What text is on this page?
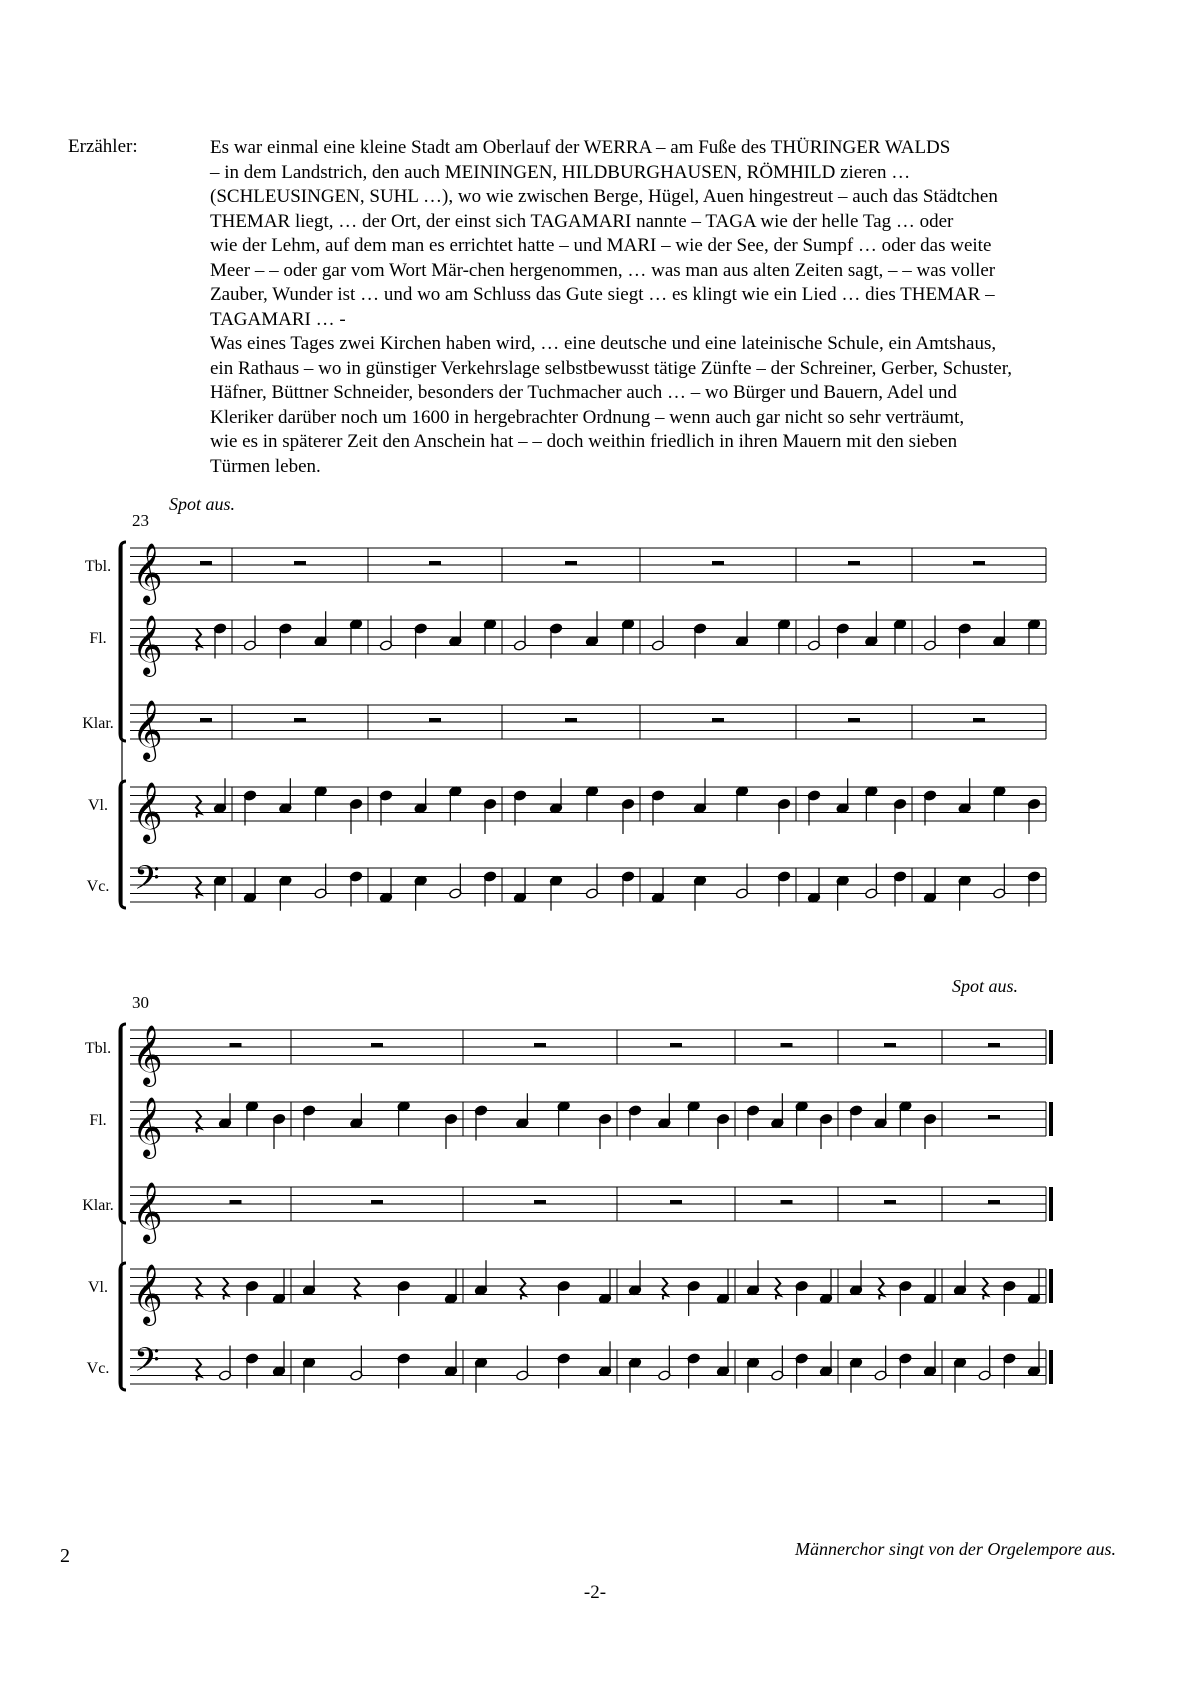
Erzähler:	Es war einmal eine kleine Stadt am Oberlauf der WERRA – am Fuße des THÜRINGER WALDS
– in dem Landstrich, den auch MEININGEN, HILDBURGHAUSEN, RÖMHILD zieren …
(SCHLEUSINGEN, SUHL …), wo wie zwischen Berge, Hügel, Auen hingestreut – auch das Städtchen
THEMAR liegt, … der Ort, der einst sich TAGAMARI nannte – TAGA wie der helle Tag … oder
wie der Lehm, auf dem man es errichtet hatte – und MARI – wie der See, der Sumpf … oder das weite
Meer – – oder gar vom Wort Mär-chen hergenommen, … was man aus alten Zeiten sagt, – – was voller
Zauber, Wunder ist … und wo am Schluss das Gute siegt … es klingt wie ein Lied … dies THEMAR –
TAGAMARI … -
Was eines Tages zwei Kirchen haben wird, … eine deutsche und eine lateinische Schule, ein Amtshaus,
ein Rathaus – wo in günstiger Verkehrslage selbstbewusst tätige Zünfte – der Schreiner, Gerber, Schuster,
Häfner, Büttner Schneider, besonders der Tuchmacher auch … – wo Bürger und Bauern, Adel und
Kleriker darüber noch um 1600 in hergebrachter Ordnung – wenn auch gar nicht so sehr verträumt,
wie es in späterer Zeit den Anschein hat – – doch weithin friedlich in ihren Mauern mit den sieben
Türmen leben.
23
Spot aus.
Tbl. 𝄞
Fl. 𝄞
Klar. 𝄞
Vl. 𝄞
Vc. 𝄢
30
Spot aus.
Tbl. 𝄞
Fl. 𝄞
Klar. 𝄞
Vl. 𝄞
Vc. 𝄢
2	Männerchor singt von der Orgelempore aus.
-2-
